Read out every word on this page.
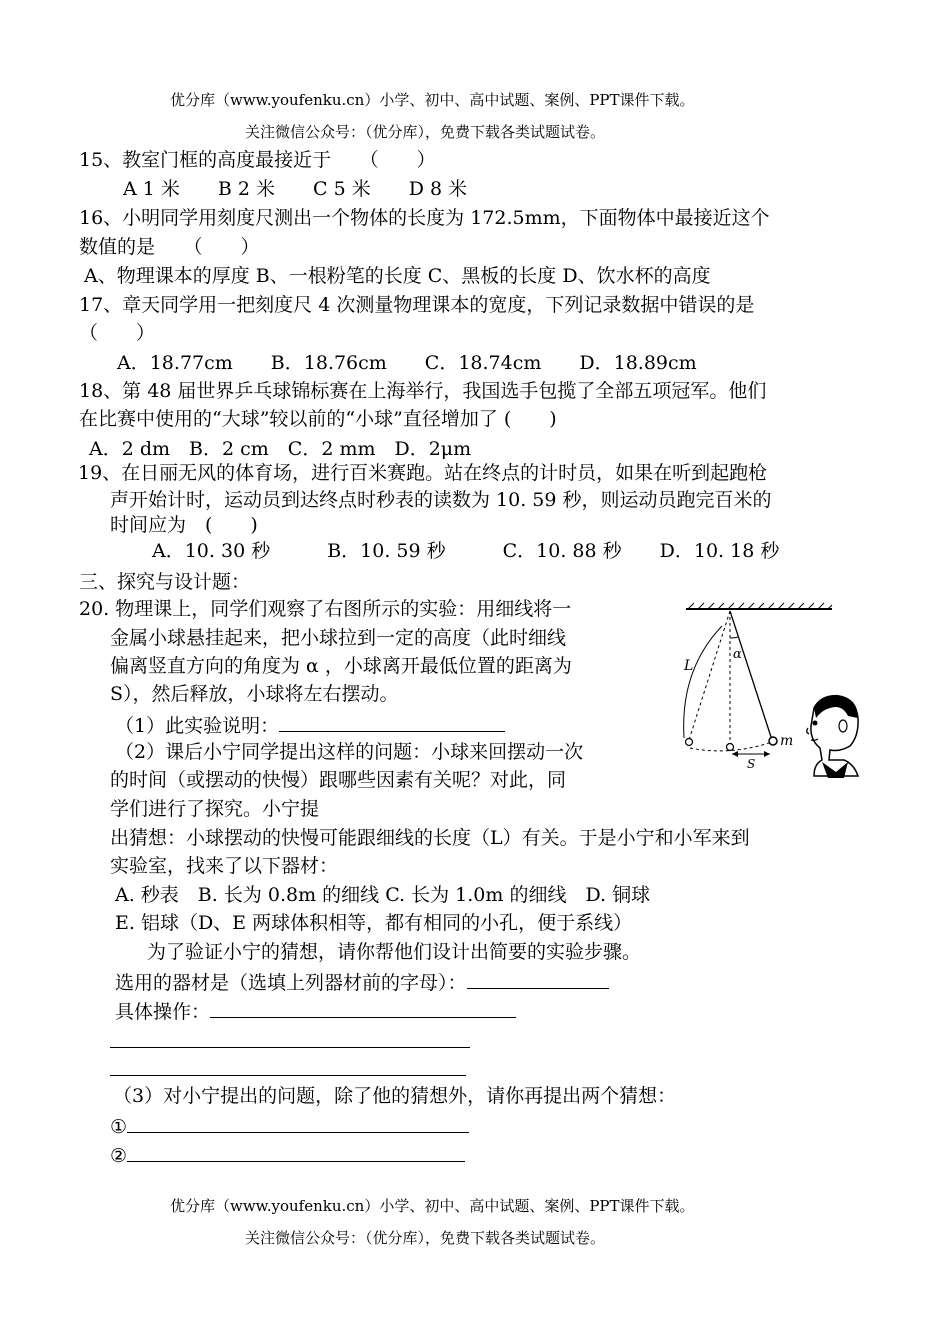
优分库（www.youfenku.cn）小学、初中、高中试题、案例、PPT课件下载。
关注微信公众号：（优分库），免费下载各类试题试卷。
15、教室门框的高度最接近于　　（　　）
A 1 米　　B 2 米　　C 5 米　　D 8 米
16、小明同学用刻度尺测出一个物体的长度为 172.5mm，下面物体中最接近这个
数值的是　　（　　）
A、物理课本的厚度 B、一根粉笔的长度 C、黑板的长度 D、饮水杯的高度
17、章天同学用一把刻度尺 4 次测量物理课本的宽度，下列记录数据中错误的是
（　　）
A．18.77cm　　B．18.76cm　　C．18.74cm　　D．18.89cm
18、第 48 届世界乒乓球锦标赛在上海举行，我国选手包揽了全部五项冠军。他们
在比赛中使用的“大球”较以前的“小球”直径增加了 (　　)
A．2 dm　B．2 cm　C．2 mm　D．2μm
19、在日丽无风的体育场，进行百米赛跑。站在终点的计时员，如果在听到起跑枪
声开始计时，运动员到达终点时秒表的读数为 10. 59 秒，则运动员跑完百米的
时间应为　(　　)
A．10. 30 秒　　　B．10. 59 秒　　　C．10. 88 秒　　D．10. 18 秒
三、探究与设计题：
20. 物理课上，同学们观察了右图所示的实验：用细线将一
金属小球悬挂起来，把小球拉到一定的高度（此时细线
偏离竖直方向的角度为 α ，小球离开最低位置的距离为
S），然后释放，小球将左右摆动。
（1）此实验说明：
（2）课后小宁同学提出这样的问题：小球来回摆动一次
的时间（或摆动的快慢）跟哪些因素有关呢？对此，同
学们进行了探究。小宁提
出猜想：小球摆动的快慢可能跟细线的长度（L）有关。于是小宁和小军来到
实验室，找来了以下器材：
A. 秒表　B. 长为 0.8m 的细线 C. 长为 1.0m 的细线　D. 铜球
E. 铝球（D、E 两球体积相等，都有相同的小孔，便于系线）
为了验证小宁的猜想，请你帮他们设计出简要的实验步骤。
选用的器材是（选填上列器材前的字母）：
具体操作：
（3）对小宁提出的问题，除了他的猜想外，请你再提出两个猜想：
①
②
α
m
L
S
优分库（www.youfenku.cn）小学、初中、高中试题、案例、PPT课件下载。
关注微信公众号：（优分库），免费下载各类试题试卷。
